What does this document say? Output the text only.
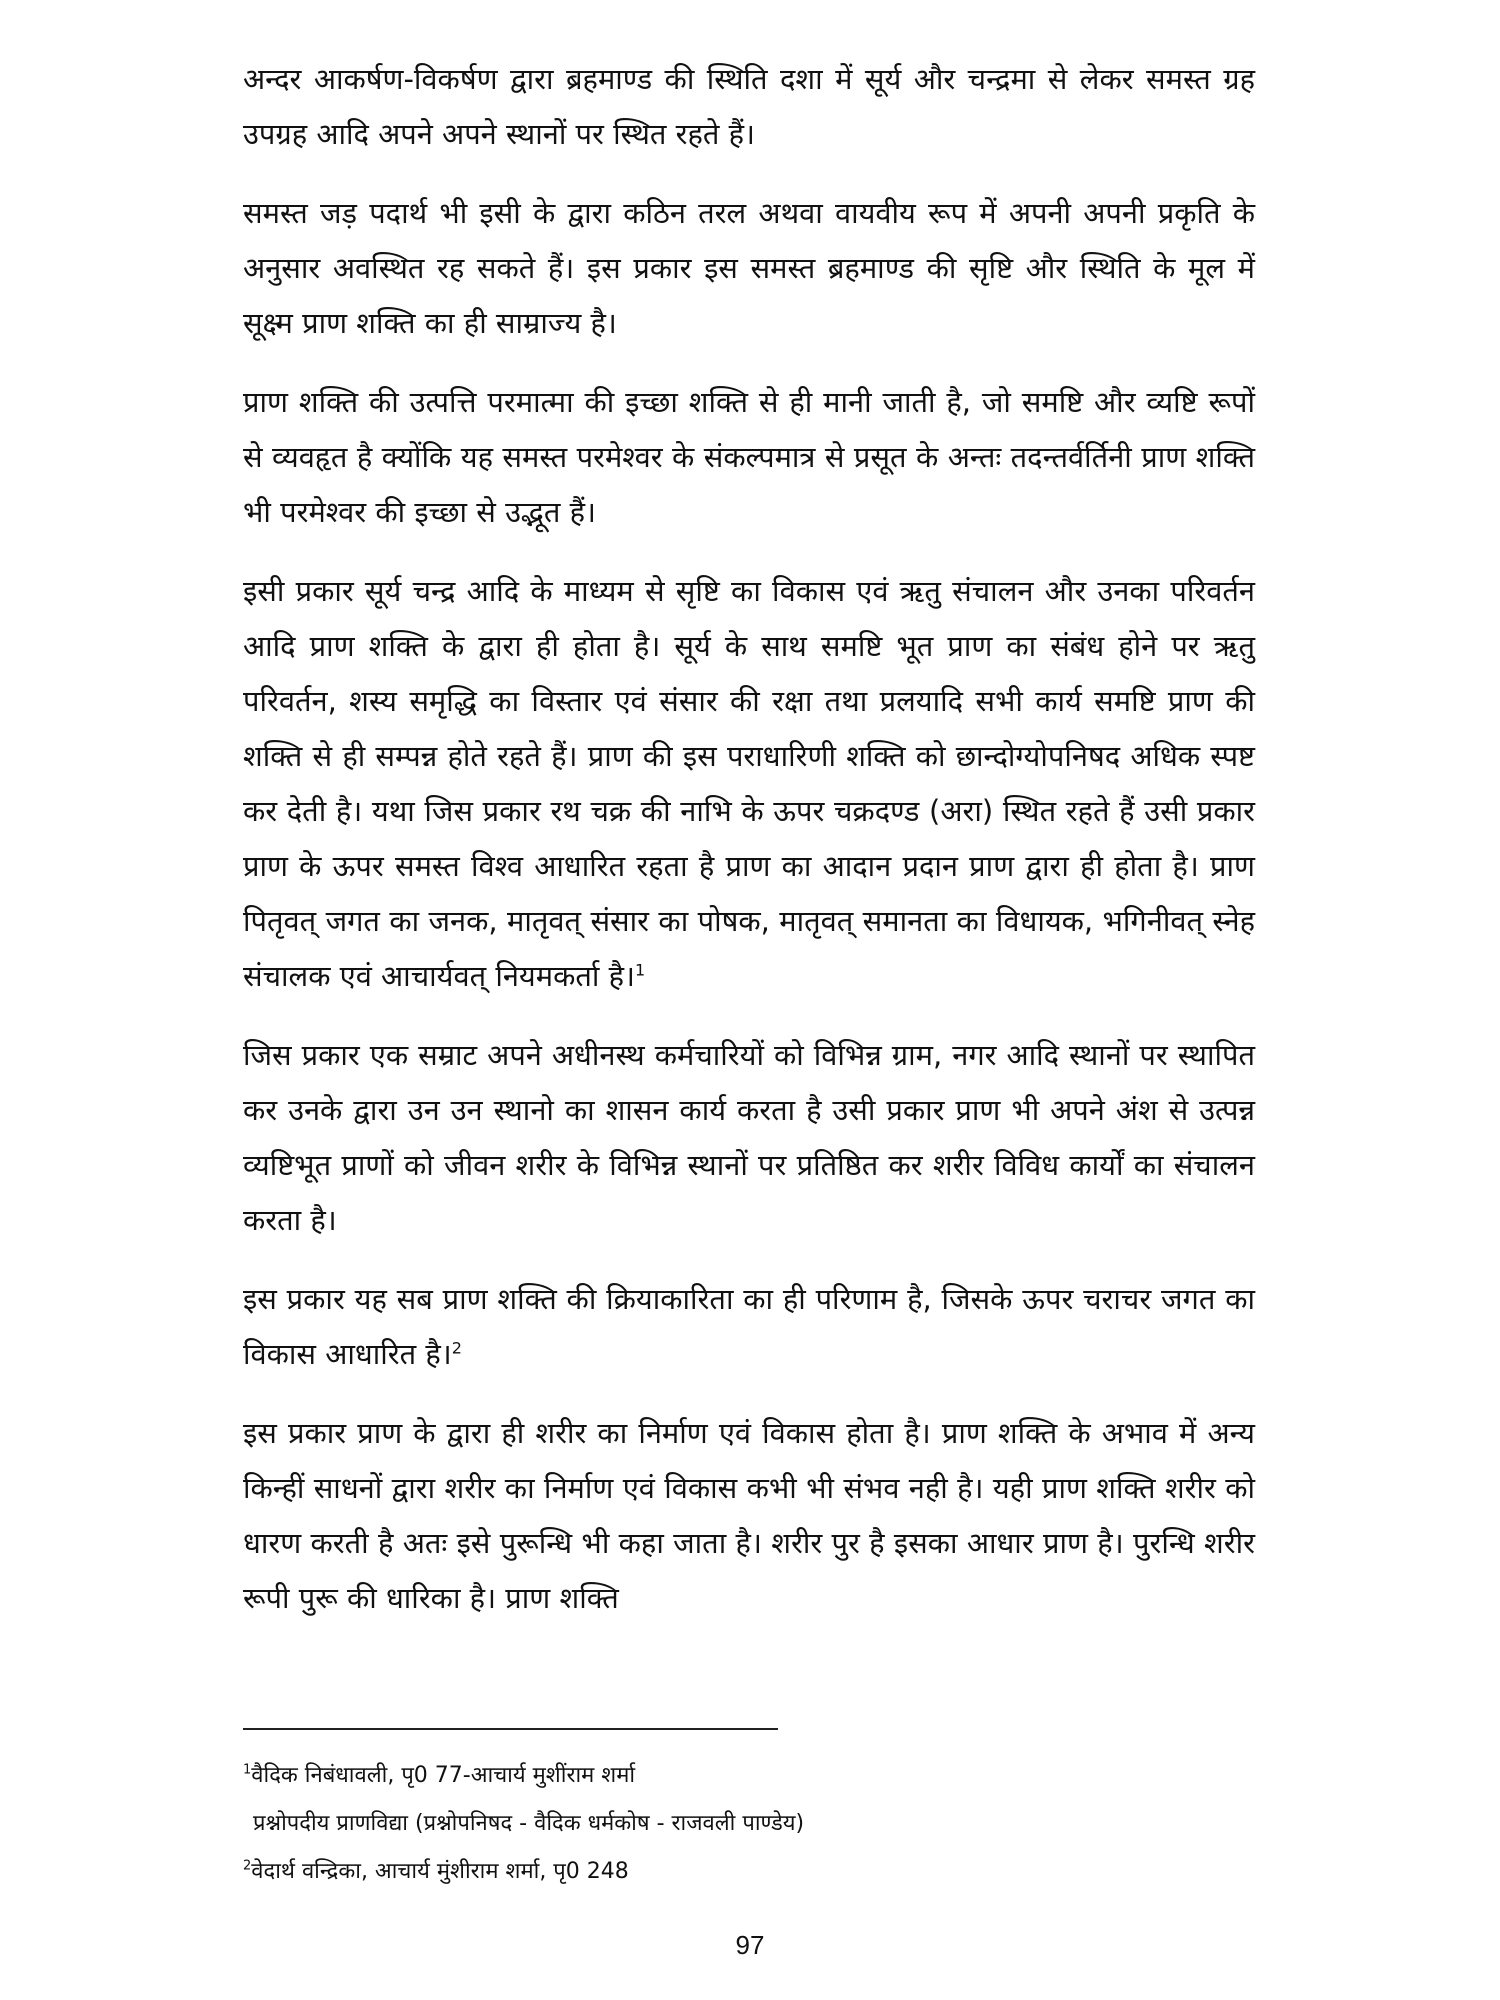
अन्दर आकर्षण-विकर्षण द्वारा ब्रहमाण्ड की स्थिति दशा में सूर्य और चन्द्रमा से लेकर समस्त ग्रह उपग्रह आदि अपने अपने स्थानों पर स्थित रहते हैं।

समस्त जड़ पदार्थ भी इसी के द्वारा कठिन तरल अथवा वायवीय रूप में अपनी अपनी प्रकृति के अनुसार अवस्थित रह सकते हैं। इस प्रकार इस समस्त ब्रहमाण्ड की सृष्टि और स्थिति के मूल में सूक्ष्म प्राण शक्ति का ही साम्राज्य है।

प्राण शक्ति की उत्पत्ति परमात्मा की इच्छा शक्ति से ही मानी जाती है, जो समष्टि और व्यष्टि रूपों से व्यवहृत है क्योंकि यह समस्त परमेश्वर के संकल्पमात्र से प्रसूत के अन्तः तदन्तर्वर्तिनी प्राण शक्ति भी परमेश्वर की इच्छा से उद्भूत हैं।

इसी प्रकार सूर्य चन्द्र आदि के माध्यम से सृष्टि का विकास एवं ऋतु संचालन और उनका परिवर्तन आदि प्राण शक्ति के द्वारा ही होता है। सूर्य के साथ समष्टि भूत प्राण का संबंध होने पर ऋतु परिवर्तन, शस्य समृद्धि का विस्तार एवं संसार की रक्षा तथा प्रलयादि सभी कार्य समष्टि प्राण की शक्ति से ही सम्पन्न होते रहते हैं। प्राण की इस पराधारिणी शक्ति को छान्दोग्योपनिषद अधिक स्पष्ट कर देती है। यथा जिस प्रकार रथ चक्र की नाभि के ऊपर चक्रदण्ड (अरा) स्थित रहते हैं उसी प्रकार प्राण के ऊपर समस्त विश्व आधारित रहता है प्राण का आदान प्रदान प्राण द्वारा ही होता है। प्राण पितृवत् जगत का जनक, मातृवत् संसार का पोषक, मातृवत् समानता का विधायक, भगिनीवत् स्नेह संचालक एवं आचार्यवत् नियमकर्ता है।$^1$

जिस प्रकार एक सम्राट अपने अधीनस्थ कर्मचारियों को विभिन्न ग्राम, नगर आदि स्थानों पर स्थापित कर उनके द्वारा उन उन स्थानो का शासन कार्य करता है उसी प्रकार प्राण भी अपने अंश से उत्पन्न व्यष्टिभूत प्राणों को जीवन शरीर के विभिन्न स्थानों पर प्रतिष्ठित कर शरीर विविध कार्यों का संचालन करता है।

इस प्रकार यह सब प्राण शक्ति की क्रियाकारिता का ही परिणाम है, जिसके ऊपर चराचर जगत का विकास आधारित है।$^2$

इस प्रकार प्राण के द्वारा ही शरीर का निर्माण एवं विकास होता है। प्राण शक्ति के अभाव में अन्य किन्हीं साधनों द्वारा शरीर का निर्माण एवं विकास कभी भी संभव नही है। यही प्राण शक्ति शरीर को धारण करती है अतः इसे पुरून्धि भी कहा जाता है। शरीर पुर है इसका आधार प्राण है। पुरन्धि शरीर रूपी पुरू की धारिका है। प्राण शक्ति

$^1$वैदिक निबंधावली, पृ0 77-आचार्य मुशींराम शर्मा

प्रश्नोपदीय प्राणविद्या (प्रश्नोपनिषद - वैदिक धर्मकोष - राजवली पाण्डेय)

$^2$वेदार्थ वन्द्रिका, आचार्य मुंशीराम शर्मा, पृ0 248

97
